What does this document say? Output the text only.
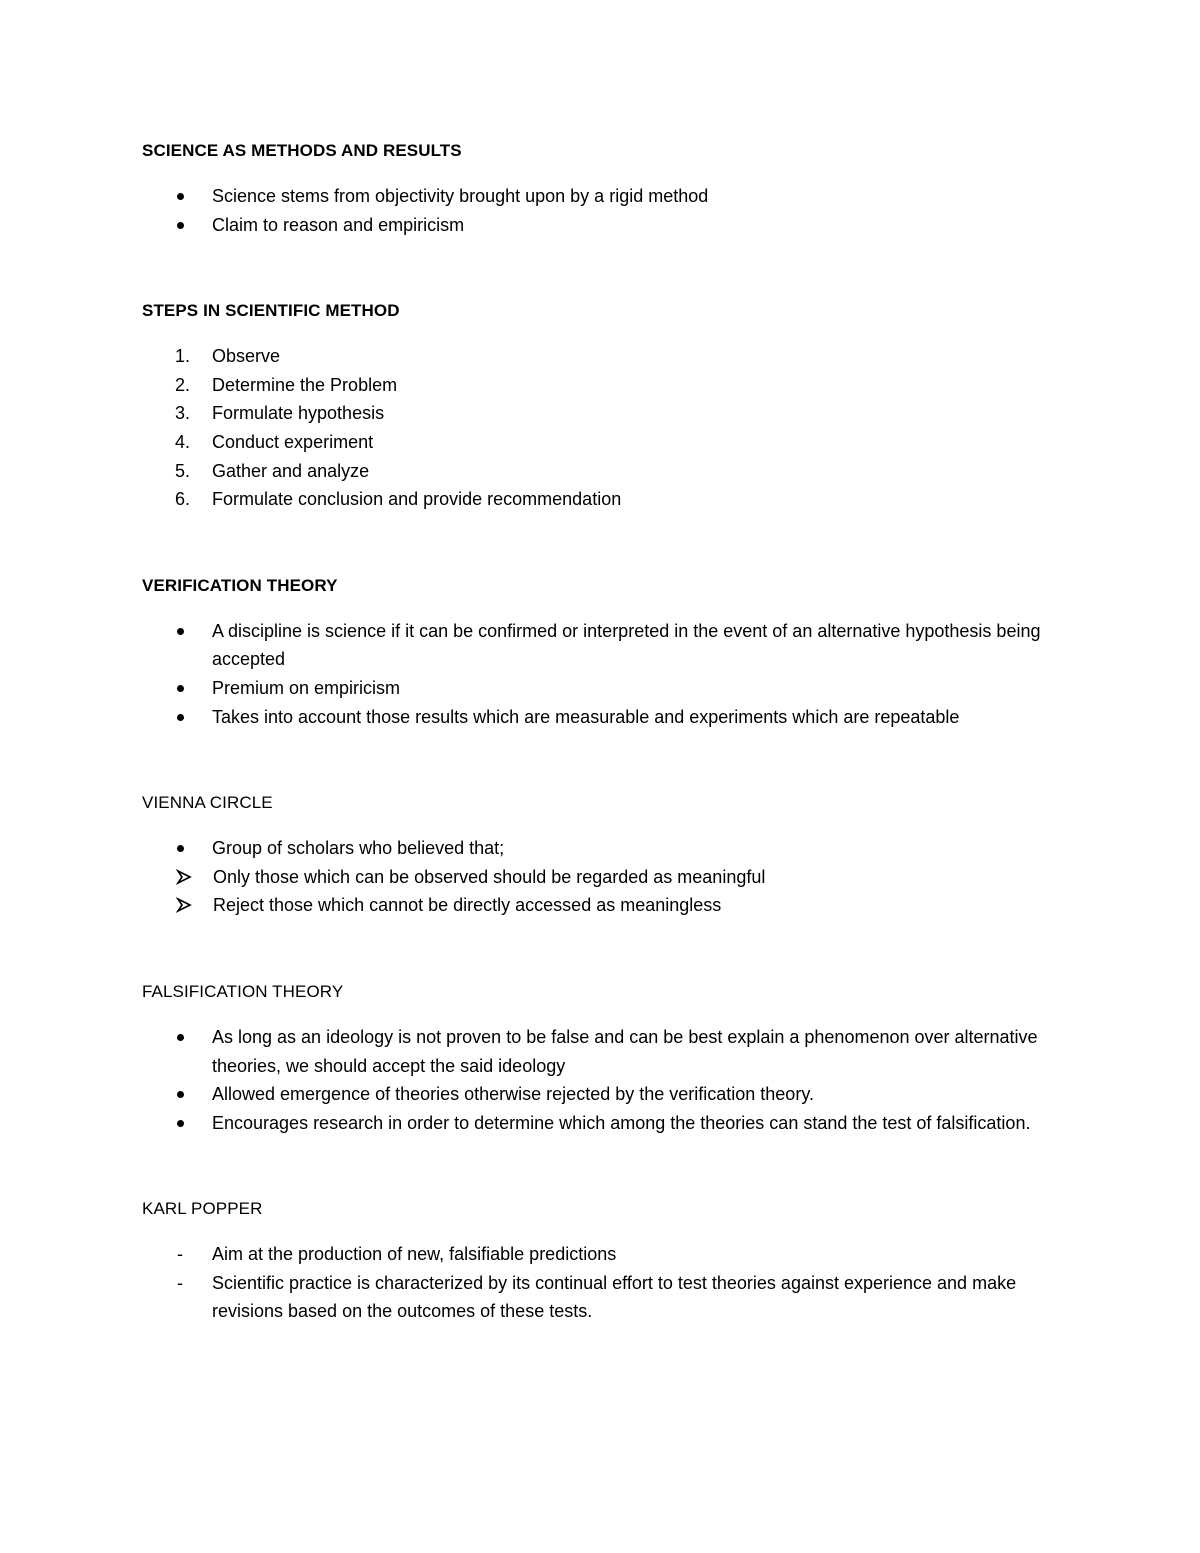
SCIENCE AS METHODS AND RESULTS

Science stems from objectivity brought upon by a rigid method
Claim to reason and empiricism

STEPS IN SCIENTIFIC METHOD

1.	Observe
2.	Determine the Problem
3.	Formulate hypothesis
4.	Conduct experiment
5.	Gather and analyze
6.	Formulate conclusion and provide recommendation

VERIFICATION THEORY

A discipline is science if it can be confirmed or interpreted in the event of an alternative hypothesis being accepted
Premium on empiricism
Takes into account those results which are measurable and experiments which are repeatable

VIENNA CIRCLE

Group of scholars who believed that;
Only those which can be observed should be regarded as meaningful
Reject those which cannot be directly accessed as meaningless

FALSIFICATION THEORY

As long as an ideology is not proven to be false and can be best explain a phenomenon over alternative theories, we should accept the said ideology
Allowed emergence of theories otherwise rejected by the verification theory.
Encourages research in order to determine which among the theories can stand the test of falsification.

KARL POPPER

-	Aim at the production of new, falsifiable predictions
-	Scientific practice is characterized by its continual effort to test theories against experience and make revisions based on the outcomes of these tests.
